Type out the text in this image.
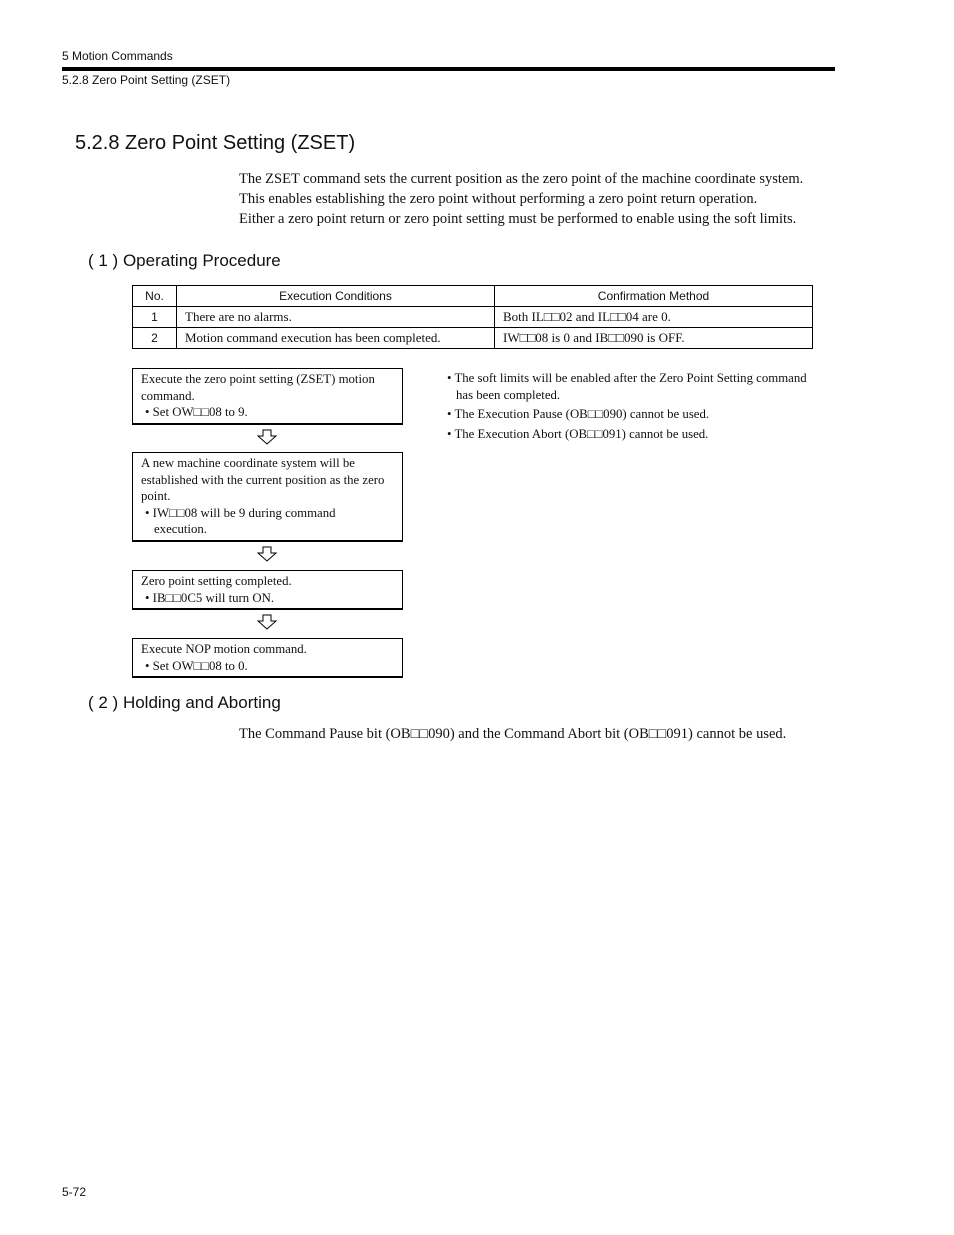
5 Motion Commands
5.2.8 Zero Point Setting (ZSET)
5.2.8 Zero Point Setting (ZSET)

The ZSET command sets the current position as the zero point of the machine coordinate system.

This enables establishing the zero point without performing a zero point return operation.

Either a zero point return or zero point setting must be performed to enable using the soft limits.

( 1 ) Operating Procedure
No.	Execution Conditions	Confirmation Method
1	There are no alarms.	Both IL□□02 and IL□□04 are 0.
2	Motion command execution has been completed.	IW□□08 is 0 and IB□□090 is OFF.
Execute the zero point setting (ZSET) motion
command.
• Set OW□□08 to 9.
A new machine coordinate system will be
established with the current position as the zero
point.
• IW□□08 will be 9 during command
execution.
Zero point setting completed.
• IB□□0C5 will turn ON.
Execute NOP motion command.
• Set OW□□08 to 0.
• The soft limits will be enabled after the Zero Point Setting command
has been completed.
• The Execution Pause (OB□□090) cannot be used.
• The Execution Abort (OB□□091) cannot be used.
( 2 ) Holding and Aborting
The Command Pause bit (OB□□090) and the Command Abort bit (OB□□091) cannot be used.
5-72
